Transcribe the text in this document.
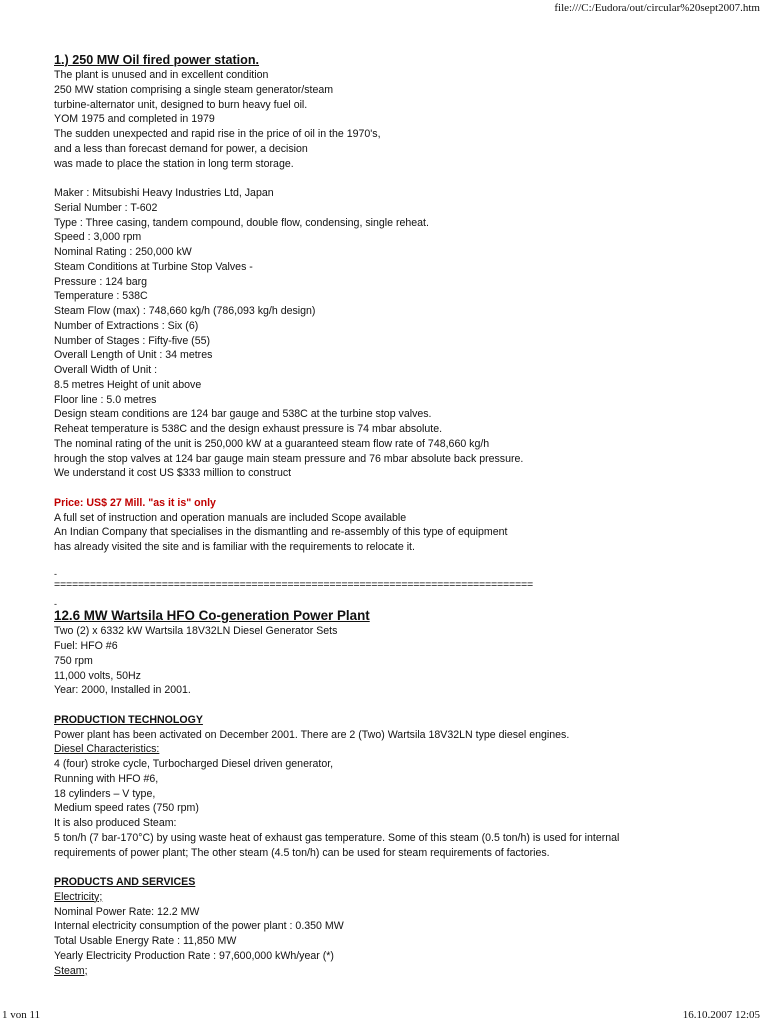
file:///C:/Eudora/out/circular%20sept2007.htm
1.) 250 MW Oil fired power station.
The plant is unused and in excellent condition
250 MW station comprising a single steam generator/steam
turbine-alternator unit, designed to burn heavy fuel oil.
YOM 1975 and completed in 1979
The sudden unexpected and rapid rise in the price of oil in the 1970's,
and a less than forecast demand for power, a decision
was made to place the station in long term storage.
Maker : Mitsubishi Heavy Industries Ltd, Japan
Serial Number : T-602
Type : Three casing, tandem compound, double flow, condensing, single reheat.
Speed : 3,000 rpm
Nominal Rating : 250,000 kW
Steam Conditions at Turbine Stop Valves -
Pressure : 124 barg
Temperature : 538C
Steam Flow (max) : 748,660 kg/h (786,093 kg/h design)
Number of Extractions : Six (6)
Number of Stages : Fifty-five (55)
Overall Length of Unit : 34 metres
Overall Width of Unit :
8.5 metres Height of unit above
Floor line : 5.0 metres
Design steam conditions are 124 bar gauge and 538C at the turbine stop valves.
Reheat temperature is 538C and the design exhaust pressure is 74 mbar absolute.
The nominal rating of the unit is 250,000 kW at a guaranteed steam flow rate of 748,660 kg/h
hrough the stop valves at 124 bar gauge main steam pressure and 76 mbar absolute back pressure.
We understand it cost US $333 million to construct
Price: US$ 27 Mill. "as it is" only
A full set of instruction and operation manuals are included Scope available
An Indian Company that specialises in the dismantling and re-assembly of this type of equipment
has already visited the site and is familiar with the requirements to relocate it.
-
================================================================================
-
12.6 MW Wartsila HFO Co-generation Power Plant
Two (2) x 6332 kW Wartsila 18V32LN Diesel Generator Sets
Fuel: HFO #6
750 rpm
11,000 volts, 50Hz
Year: 2000, Installed in 2001.
PRODUCTION TECHNOLOGY
Power plant has been activated on December 2001. There are 2 (Two) Wartsila 18V32LN type diesel engines.
Diesel Characteristics:
4 (four) stroke cycle, Turbocharged Diesel driven generator,
Running with HFO #6,
18 cylinders – V type,
Medium speed rates (750 rpm)
It is also produced Steam:
5 ton/h (7 bar-170°C) by using waste heat of exhaust gas temperature. Some of this steam (0.5 ton/h) is used for internal
requirements of power plant; The other steam (4.5 ton/h) can be used for steam requirements of factories.
PRODUCTS AND SERVICES
Electricity;
Nominal Power Rate: 12.2 MW
Internal electricity consumption of the power plant : 0.350 MW
Total Usable Energy Rate : 11,850 MW
Yearly Electricity Production Rate : 97,600,000 kWh/year (*)
Steam;
1 von 11	16.10.2007 12:05
